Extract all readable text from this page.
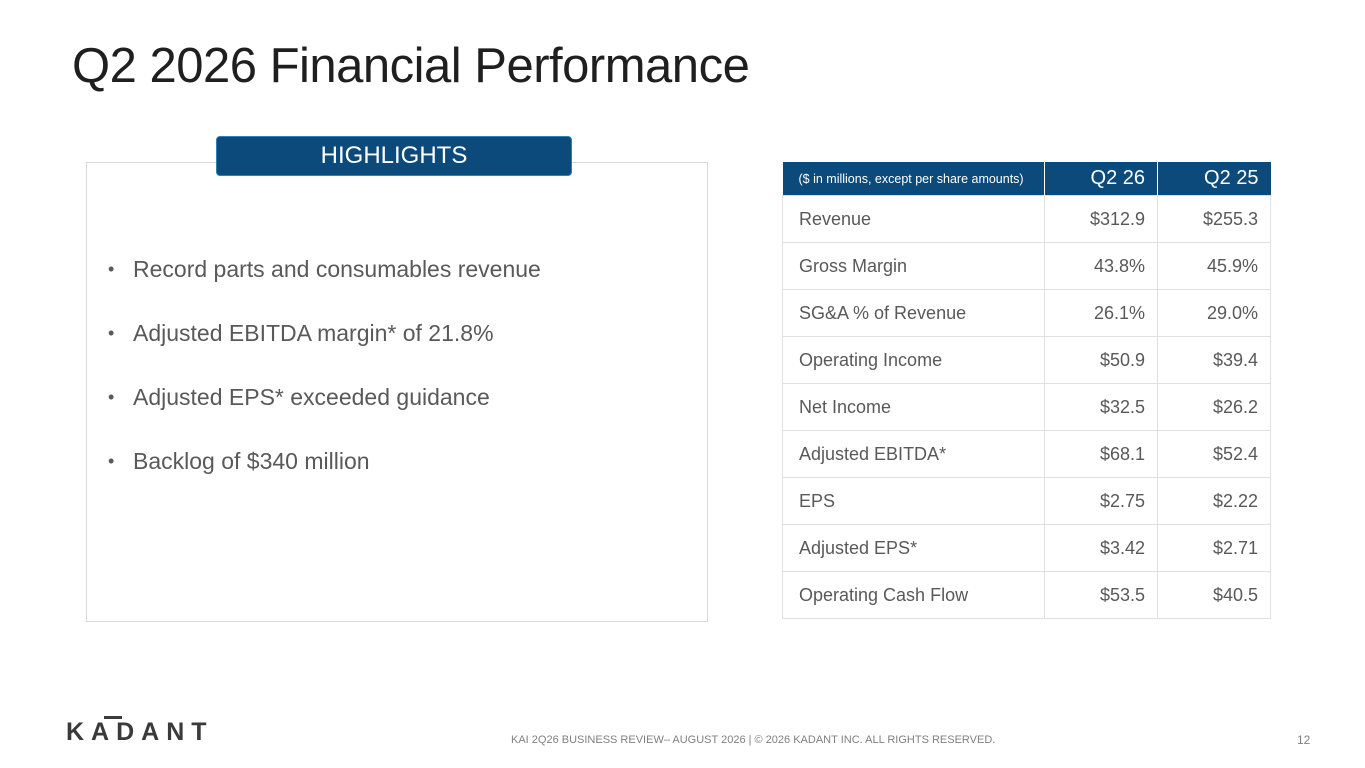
Q2 2026 Financial Performance
HIGHLIGHTS
• Record parts and consumables revenue
• Adjusted EBITDA margin* of 21.8%
• Adjusted EPS* exceeded guidance
• Backlog of $340 million
($ in millions, except per share amounts)	Q2 26	Q2 25
Revenue	$312.9	$255.3
Gross Margin	43.8%	45.9%
SG&A % of Revenue	26.1%	29.0%
Operating Income	$50.9	$39.4
Net Income	$32.5	$26.2
Adjusted EBITDA*	$68.1	$52.4
EPS	$2.75	$2.22
Adjusted EPS*	$3.42	$2.71
Operating Cash Flow	$53.5	$40.5
KADANT	KAI 2Q26 BUSINESS REVIEW– AUGUST 2026 | © 2026 KADANT INC. ALL RIGHTS RESERVED.	12
